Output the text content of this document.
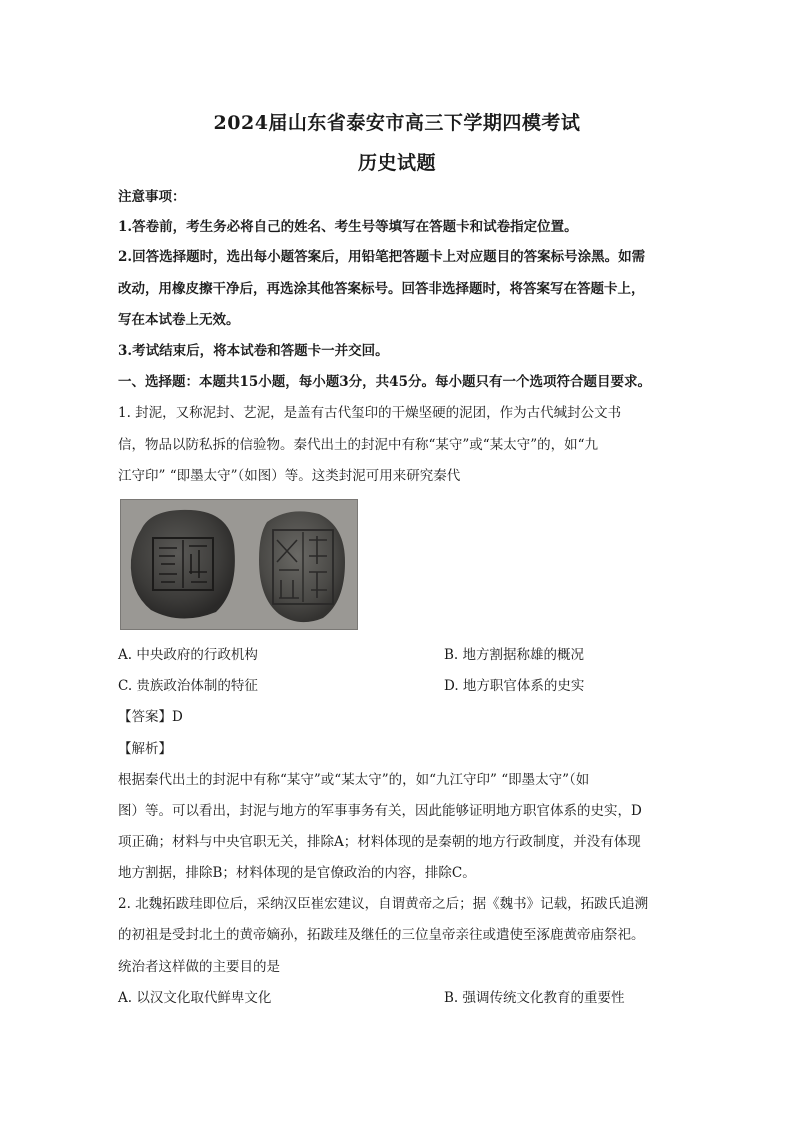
2024届山东省泰安市高三下学期四模考试
历史试题
注意事项：
1.答卷前，考生务必将自己的姓名、考生号等填写在答题卡和试卷指定位置。
2.回答选择题时，选出每小题答案后，用铅笔把答题卡上对应题目的答案标号涂黑。如需
改动，用橡皮擦干净后，再选涂其他答案标号。回答非选择题时，将答案写在答题卡上，
写在本试卷上无效。
3.考试结束后，将本试卷和答题卡一并交回。
一、选择题：本题共15小题，每小题3分，共45分。每小题只有一个选项符合题目要求。
1. 封泥，又称泥封、艺泥，是盖有古代玺印的干燥坚硬的泥团，作为古代缄封公文书
信，物品以防私拆的信验物。秦代出土的封泥中有称“某守”或“某太守”的，如“九
江守印” “即墨太守”（如图）等。这类封泥可用来研究秦代
A. 中央政府的行政机构	B. 地方割据称雄的概况
C. 贵族政治体制的特征	D. 地方职官体系的史实
【答案】D
【解析】
根据秦代出土的封泥中有称“某守”或“某太守”的，如“九江守印” “即墨太守”（如
图）等。可以看出，封泥与地方的军事事务有关，因此能够证明地方职官体系的史实，D
项正确；材料与中央官职无关，排除A；材料体现的是秦朝的地方行政制度，并没有体现
地方割据，排除B；材料体现的是官僚政治的内容，排除C。
2. 北魏拓跋珪即位后，采纳汉臣崔宏建议，自谓黄帝之后；据《魏书》记载，拓跋氏追溯
的初祖是受封北土的黄帝嫡孙，拓跋珪及继任的三位皇帝亲往或遣使至涿鹿黄帝庙祭祀。
统治者这样做的主要目的是
A. 以汉文化取代鲜卑文化	B. 强调传统文化教育的重要性
